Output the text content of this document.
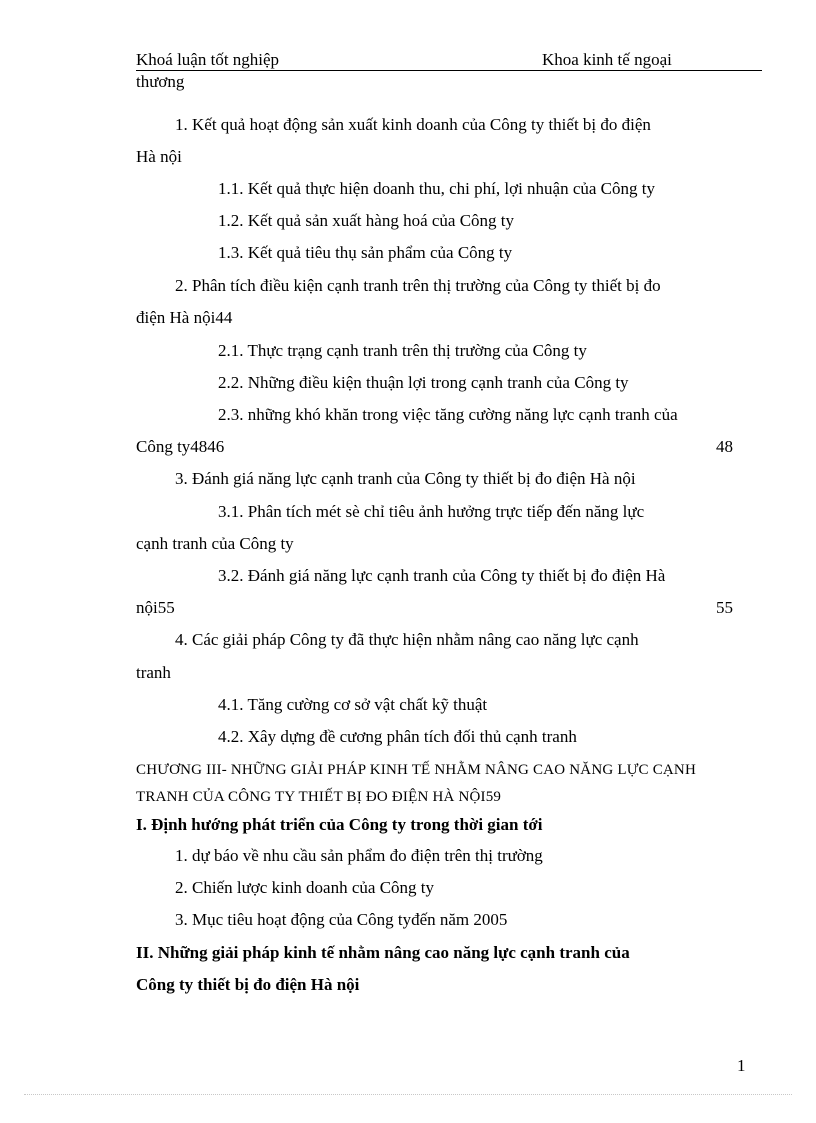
Khoá luận tốt nghiệp	Khoa kinh tế ngoại
thương
1. Kết quả hoạt động sản xuất kinh doanh của Công ty thiết bị đo điện
Hà nội
1.1. Kết quả thực hiện doanh thu, chi phí, lợi nhuận của Công ty
1.2. Kết quả sản xuất hàng hoá của Công ty
1.3. Kết quả tiêu thụ sản phẩm của Công ty
2. Phân tích điều kiện cạnh tranh trên thị trường của Công ty thiết bị đo
điện Hà nội44
2.1. Thực trạng cạnh tranh trên thị trường của Công ty
2.2. Những điều kiện thuận lợi trong cạnh tranh của Công ty
2.3. những khó khăn trong việc tăng cường năng lực cạnh tranh của
Công ty4846	48
3. Đánh giá năng lực cạnh tranh của Công ty thiết bị đo điện Hà nội
3.1. Phân tích mét sè chỉ tiêu ảnh hưởng trực tiếp đến năng lực
cạnh tranh của Công ty
3.2. Đánh giá năng lực cạnh tranh của Công ty thiết bị đo điện Hà
nội55	55
4. Các giải pháp Công ty đã thực hiện nhằm nâng cao năng lực cạnh
tranh
4.1. Tăng cường cơ sở vật chất kỹ thuật
4.2. Xây dựng đề cương phân tích đối thủ cạnh tranh
CHƯƠNG III- NHỮNG GIẢI PHÁP KINH TẾ NHẰM NÂNG CAO NĂNG LỰC CẠNH
TRANH CỦA CÔNG TY THIẾT BỊ ĐO ĐIỆN HÀ NỘI59
I. Định hướng phát triển của Công ty trong thời gian tới
1. dự báo về nhu cầu sản phẩm đo điện trên thị trường
2. Chiến lược kinh doanh của Công ty
3. Mục tiêu hoạt động của Công tyđến năm 2005
II. Những giải pháp kinh tế nhằm nâng cao năng lực cạnh tranh của
Công ty thiết bị đo điện Hà nội
1
